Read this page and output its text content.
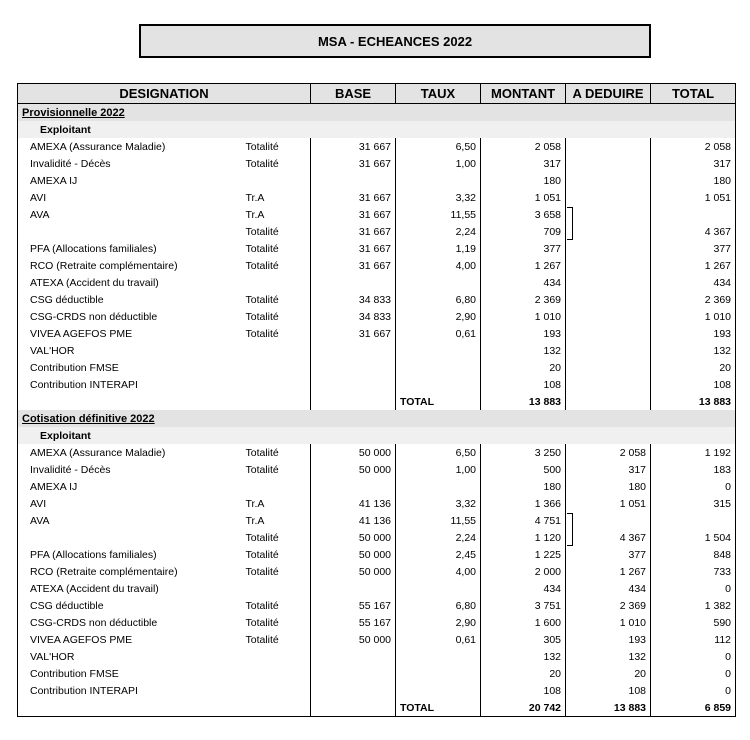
MSA - ECHEANCES 2022
DESIGNATION		BASE	TAUX	MONTANT	A DEDUIRE	TOTAL
Provisionnelle 2022						
Exploitant						
AMEXA (Assurance Maladie)	Totalité	31 667	6,50	2 058		2 058
Invalidité - Décès	Totalité	31 667	1,00	317		317
AMEXA IJ				180		180
AVI	Tr.A	31 667	3,32	1 051		1 051
AVA	Tr.A	31 667	11,55	3 658		
	Totalité	31 667	2,24	709		4 367
PFA (Allocations familiales)	Totalité	31 667	1,19	377		377
RCO (Retraite complémentaire)	Totalité	31 667	4,00	1 267		1 267
ATEXA (Accident du travail)				434		434
CSG déductible	Totalité	34 833	6,80	2 369		2 369
CSG-CRDS non déductible	Totalité	34 833	2,90	1 010		1 010
VIVEA AGEFOS PME	Totalité	31 667	0,61	193		193
VAL'HOR				132		132
Contribution FMSE				20		20
Contribution INTERAPI				108		108
			TOTAL	13 883		13 883
Cotisation définitive 2022						
Exploitant						
AMEXA (Assurance Maladie)	Totalité	50 000	6,50	3 250	2 058	1 192
Invalidité - Décès	Totalité	50 000	1,00	500	317	183
AMEXA IJ				180	180	0
AVI	Tr.A	41 136	3,32	1 366	1 051	315
AVA	Tr.A	41 136	11,55	4 751		
	Totalité	50 000	2,24	1 120	4 367	1 504
PFA (Allocations familiales)	Totalité	50 000	2,45	1 225	377	848
RCO (Retraite complémentaire)	Totalité	50 000	4,00	2 000	1 267	733
ATEXA (Accident du travail)				434	434	0
CSG déductible	Totalité	55 167	6,80	3 751	2 369	1 382
CSG-CRDS non déductible	Totalité	55 167	2,90	1 600	1 010	590
VIVEA AGEFOS PME	Totalité	50 000	0,61	305	193	112
VAL'HOR				132	132	0
Contribution FMSE				20	20	0
Contribution INTERAPI				108	108	0
			TOTAL	20 742	13 883	6 859
